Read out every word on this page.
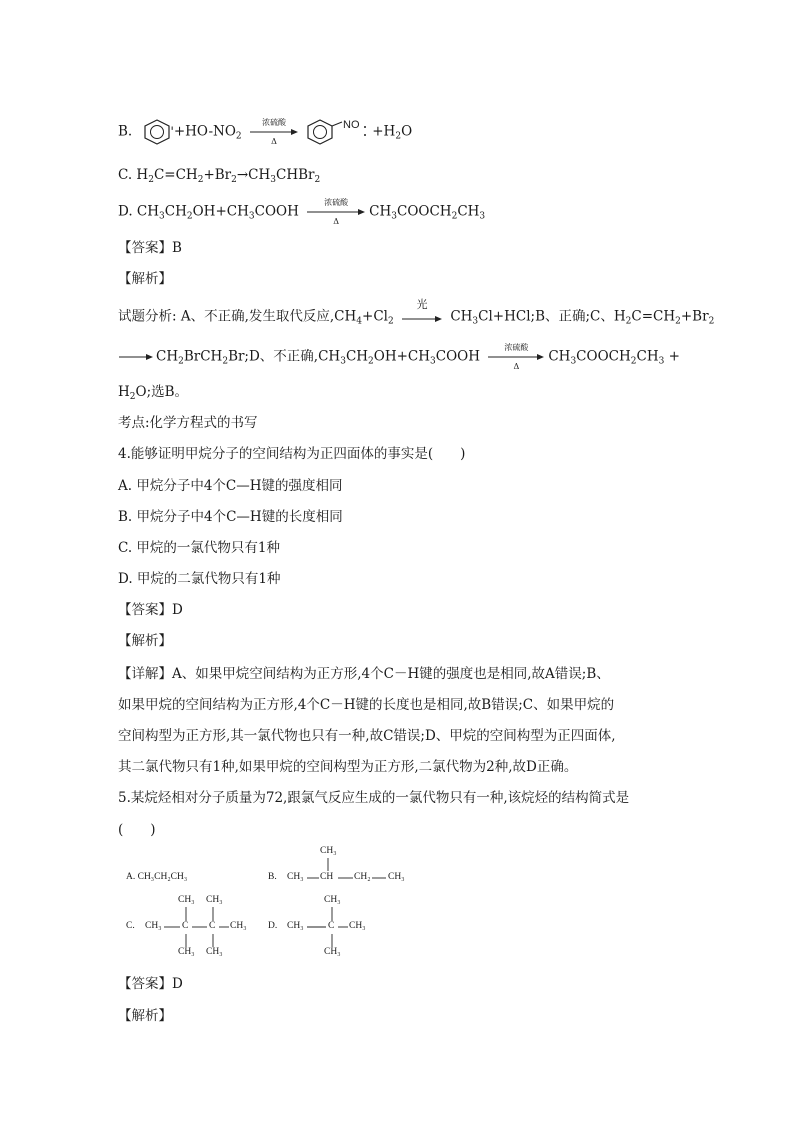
B.	'$+HO-NO_2$
浓硫酸
Δ

NO $+H_2O$
C. $H_2C=CH_2+Br_2\to CH_3CHBr_2$
D. $CH_3CH_2OH+CH_3COOH$
浓硫酸
Δ
$CH_3COOCH_2CH_3$
【答案】B
【解析】
试题分析: A、不正确,发生取代反应$,CH_4+Cl_2$
光
$CH_3Cl+HCl;B$、正确;C、$H_2C=CH_2+Br_2$
→ $CH_2BrCH_2Br;D$、不正确$,CH_3CH_2OH+CH_3COOH$
浓硫酸
Δ
$CH_3COOCH_2CH_3$ +
$H_2O$;选B。
考点:化学方程式的书写
4.能够证明甲烷分子的空间结构为正四面体的事实是(　　)
A. 甲烷分子中4个C—H键的强度相同
B. 甲烷分子中4个C—H键的长度相同
C. 甲烷的一氯代物只有1种
D. 甲烷的二氯代物只有1种
【答案】D
【解析】
【详解】A、如果甲烷空间结构为正方形,4个C－H键的强度也是相同,故A错误;B、
如果甲烷的空间结构为正方形,4个C－H键的长度也是相同,故B错误;C、如果甲烷的
空间构型为正方形,其一氯代物也只有一种,故C错误;D、甲烷的空间构型为正四面体,
其二氯代物只有1种,如果甲烷的空间构型为正方形,二氯代物为2种,故D正确。
5.某烷烃相对分子质量为72,跟氯气反应生成的一氯代物只有一种,该烷烃的结构简式是
(　　)
A. CH₃CH₂CH₃	B.
CH₃
CH₃ CH CH₂ CH₃
C.
CH₃ CH₃
CH₃ C C CH₃
CH₃ CH₃
D.
CH₃
CH₃	C CH₃
CH₃
【答案】D
【解析】
